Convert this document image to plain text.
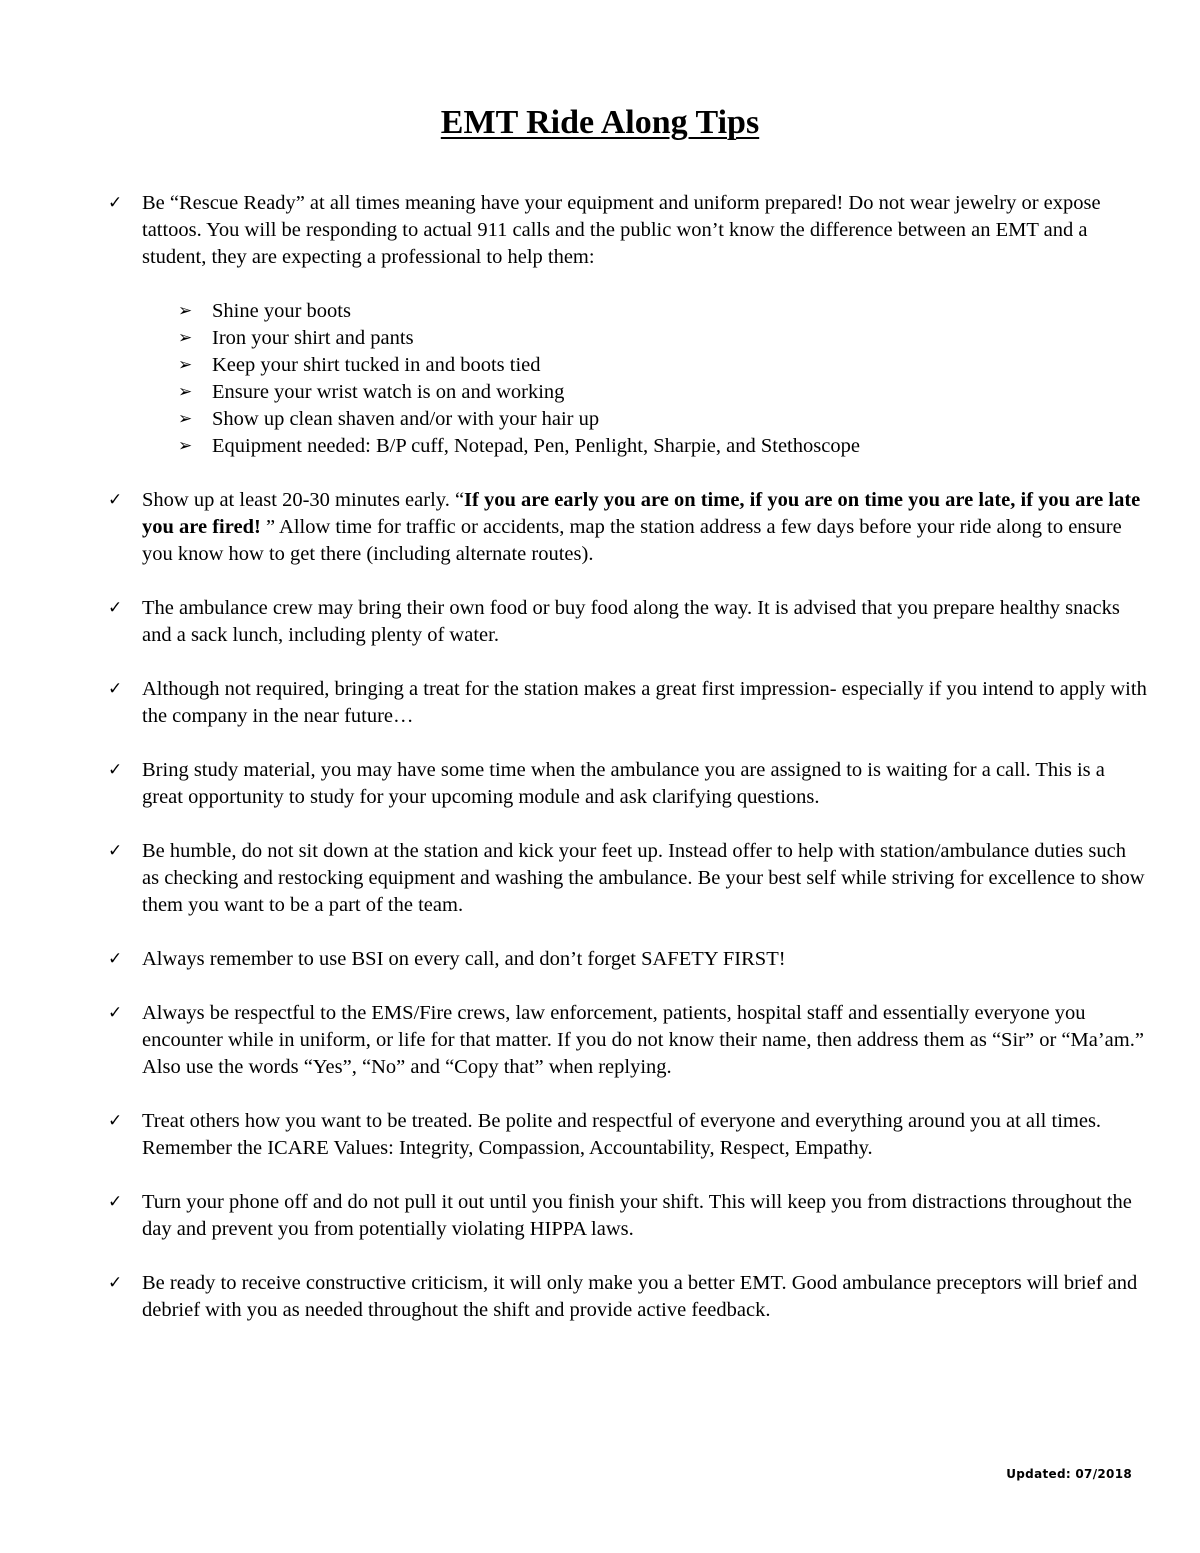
EMT Ride Along Tips
✓ Be “Rescue Ready” at all times meaning have your equipment and uniform prepared! Do not wear jewelry or expose tattoos. You will be responding to actual 911 calls and the public won’t know the difference between an EMT and a student, they are expecting a professional to help them:
➢ Shine your boots
➢ Iron your shirt and pants
➢ Keep your shirt tucked in and boots tied
➢ Ensure your wrist watch is on and working
➢ Show up clean shaven and/or with your hair up
➢ Equipment needed: B/P cuff, Notepad, Pen, Penlight, Sharpie, and Stethoscope
✓ Show up at least 20-30 minutes early. “If you are early you are on time, if you are on time you are late, if you are late you are fired! ” Allow time for traffic or accidents, map the station address a few days before your ride along to ensure you know how to get there (including alternate routes).
✓ The ambulance crew may bring their own food or buy food along the way. It is advised that you prepare healthy snacks and a sack lunch, including plenty of water.
✓ Although not required, bringing a treat for the station makes a great first impression- especially if you intend to apply with the company in the near future…
✓ Bring study material, you may have some time when the ambulance you are assigned to is waiting for a call. This is a great opportunity to study for your upcoming module and ask clarifying questions.
✓ Be humble, do not sit down at the station and kick your feet up. Instead offer to help with station/ambulance duties such as checking and restocking equipment and washing the ambulance. Be your best self while striving for excellence to show them you want to be a part of the team.
✓ Always remember to use BSI on every call, and don’t forget SAFETY FIRST!
✓ Always be respectful to the EMS/Fire crews, law enforcement, patients, hospital staff and essentially everyone you encounter while in uniform, or life for that matter. If you do not know their name, then address them as “Sir” or “Ma’am.” Also use the words “Yes”, “No” and “Copy that” when replying.
✓ Treat others how you want to be treated. Be polite and respectful of everyone and everything around you at all times. Remember the ICARE Values: Integrity, Compassion, Accountability, Respect, Empathy.
✓ Turn your phone off and do not pull it out until you finish your shift. This will keep you from distractions throughout the day and prevent you from potentially violating HIPPA laws.
✓ Be ready to receive constructive criticism, it will only make you a better EMT. Good ambulance preceptors will brief and debrief with you as needed throughout the shift and provide active feedback.
Updated: 07/2018
